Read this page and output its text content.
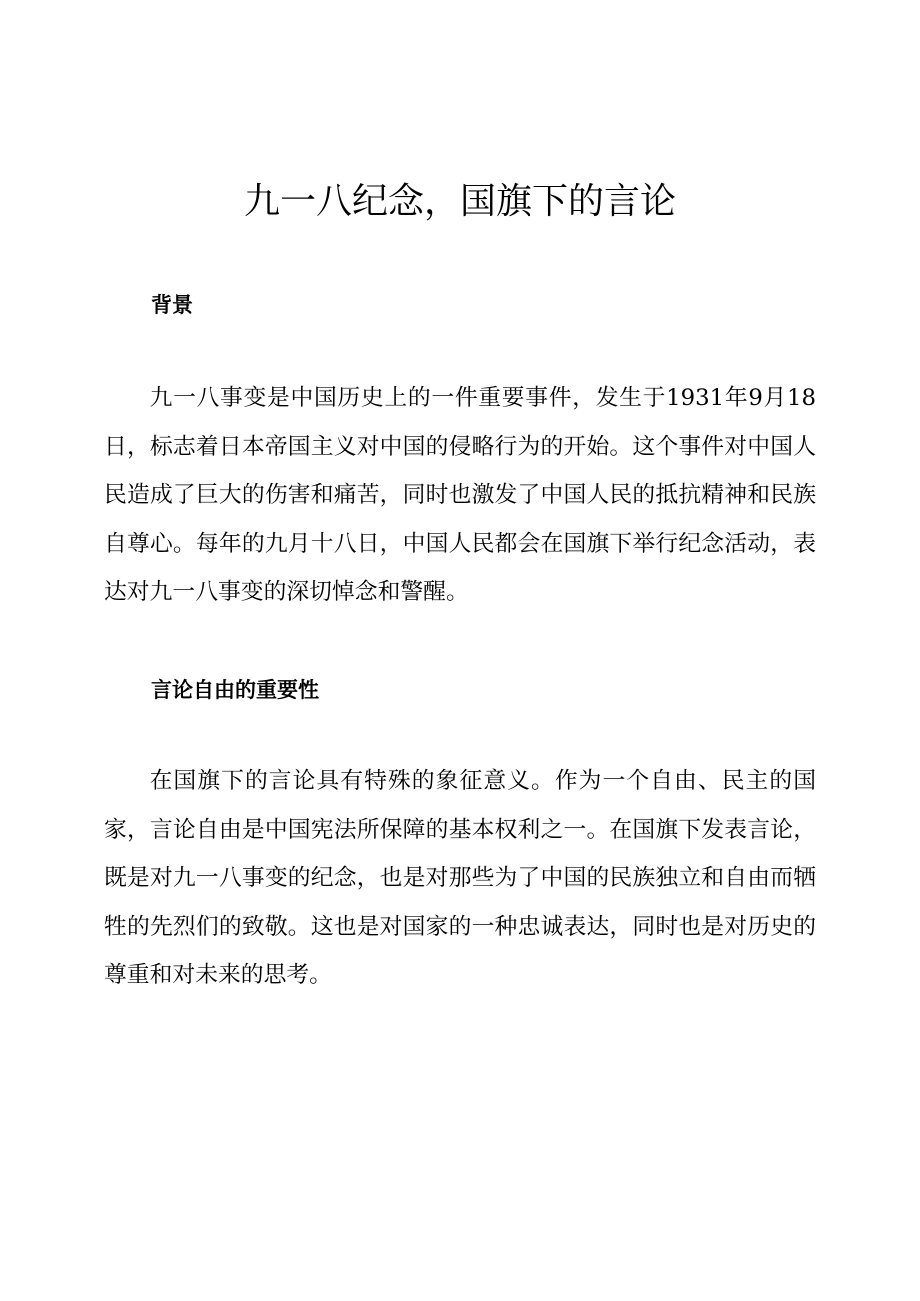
九一八纪念，国旗下的言论
背景

九一八事变是中国历史上的一件重要事件，发生于1931年9月18日，标志着日本帝国主义对中国的侵略行为的开始。这个事件对中国人民造成了巨大的伤害和痛苦，同时也激发了中国人民的抵抗精神和民族自尊心。每年的九月十八日，中国人民都会在国旗下举行纪念活动，表达对九一八事变的深切悼念和警醒。

言论自由的重要性

在国旗下的言论具有特殊的象征意义。作为一个自由、民主的国家，言论自由是中国宪法所保障的基本权利之一。在国旗下发表言论，既是对九一八事变的纪念，也是对那些为了中国的民族独立和自由而牺牲的先烈们的致敬。这也是对国家的一种忠诚表达，同时也是对历史的尊重和对未来的思考。
